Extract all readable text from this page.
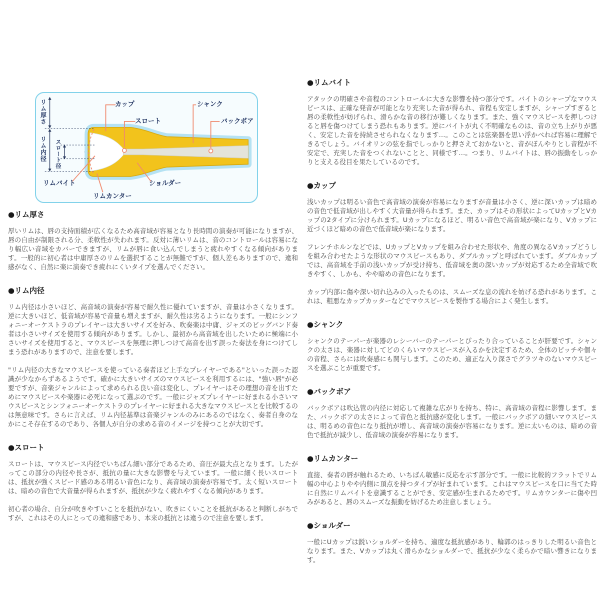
カップ
スロート
シャンク
バックボア
リムバイト	ショルダー
リムカンター
リム厚さ
リム内径 スロート径
●リム厚さ

厚いリムは、唇の支持面積が広くなるため高音域が容易となり長時間の演奏が可能になりますが、唇の自由が制限される分、柔軟性が失われます。反対に薄いリムは、音のコントロールは容易になり幅広い音域をカバーできますが、リムが唇に食い込んでしまうと疲れやすくなる傾向があります。一般的に初心者は中庸厚さのリムを選択することが無難ですが、個人差もありますので、違和感がなく、自然に楽に演奏でき疲れにくいタイプを選んでください。

●リム内径

リム内径は小さいほど、高音域の演奏が容易で耐久性に優れていますが、音量は小さくなります。逆に大きいほど、低音域が容易で音量も増えますが、耐久性は劣るようになります。一般にシンフォニーオーケストラのプレイヤーは大きいサイズを好み、吹奏楽は中庸、ジャズのビッグバンド奏者は小さいサイズを使用する傾向があります。しかし、最初から高音域を出したいために極端に小さいサイズを使用すると、マウスピースを無理に押しつけて高音を出す誤った奏法を身につけてしまう恐れがありますので、注意を要します。

"リム内径の大きなマウスピースを使っている奏者ほど上手なプレイヤーである"といった誤った認識が少なからずあるようです。確かに大きいサイズのマウスピースを利用するには、"強い唇"が必要ですが、音楽ジャンルによって求められる良い音は変化し、プレイヤーはその理想の音を出すためにマウスピースや楽器に必死になって選ぶのです。一般にジャズプレイヤーに好まれる小さいマウスピースとシンフォニーオーケストラのプレイヤーに好まれる大きなマウスピースとを比較するのは無意味です。さらに言えば、リム内径基準は音楽ジャンルのみにあるのではなく、奏者自身のなかにこそ存在するのであり、各個人が自分の求める音のイメージを持つことが大切です。

●スロート

スロートは、マウスピース内径でいちばん細い部分であるため、音圧が最大点となります。したがってこの部分の内径や長さが、抵抗の量に大きな影響を与えています。一般に細く長いスロートは、抵抗が強くスピード感のある明るい音色になり、高音域の演奏が容易です。太く短いスロートは、暗めの音色で大音量が得られますが、抵抗が少なく疲れやすくなる傾向があります。

初心者の場合、自分が吹きやすいことを抵抗がない、吹きにくいことを抵抗があると判断しがちですが、これはその人にとっての違和感であり、本来の抵抗とは違うので注意を要します。

●リムバイト

アタックの明確さや音程のコントロールに大きな影響を持つ部分です。バイトのシャープなマウスピースは、正確な発音が可能となり充実した音が得られ、音程も安定しますが、シャープすぎると唇の柔軟性が妨げられ、滑らかな音の移行が難しくなります。また、強くマウスピースを押しつけると唇を傷つけてしまう恐れもあります。逆にバイトが丸く不明確なものは、音の立ち上がりが悪く、安定した音を持続させられなくなります…。このことは弦楽器を思い浮かべれば容易に理解できるでしょう。バイオリンの弦を指でしっかりと押さえておかないと、音がぼんやりとし音程が不安定で、充実した音をつくれないことと、同様です…。つまり、リムバイトは、唇の振動をしっかりと支える役目を果たしているのです。

●カップ

浅いカップは明るい音色で高音域の演奏が容易になりますが音量は小さく、逆に深いカップは暗めの音色で低音域が出しやすく大音量が得られます。また、カップはその形状によってUカップとVカップの2タイプに分けられます。Uカップになるほど、明るい音色で高音域が楽になり、Vカップに近づくほど暗めの音色で低音域が楽になります。

フレンチホルンなどでは、UカップとVカップを組み合わせた形状や、角度の異なるVカップどうしを組み合わせたような形状のマウスピースもあり、ダブルカップと呼ばれています。ダブルカップでは、高音域を手前の浅いカップが受け持ち、低音域を奥の深いカップが対応するため全音域で吹きやすく、しかも、やや暗めの音色になります。

カップ内部に傷や深い切れ込みの入ったものは、スムーズな息の流れを妨げる恐れがあります。これは、粗悪なカップカッターなどでマウスピースを製作する場合によく発生します。

●シャンク

シャンクのテーパーが楽器のレシーバーのテーパーとぴったり合っていることが肝要です。シャンクの太さは、楽器に対してどのくらいマウスピースが入るかを決定するため、全体のピッチや個々の音程、さらには吹奏感にも関与します。このため、適正な入り深さでグラツキのないマウスピースを選ぶことが重要です。

●バックボア

バックボアは吹込管の内径に対応して複雑な広がりを持ち、特に、高音域の音程に影響します。また、バックボアの太さによって音色と抵抗感が変化します。一般にバックボアの細いマウスピースは、明るめの音色になり抵抗が増し、高音域の演奏が容易になります。逆に太いものは、暗めの音色で抵抗が減少し、低音域の演奏が容易になります。

●リムカンター

直接、奏者の唇が触れるため、いちばん敏感に反応を示す部分です。一般に比較的フラットでリム幅の中心よりやや内側に頂点を持つタイプが好まれています。これはマウスピースを口に当てた時に自然にリムバイトを意識することができ、安定感が生まれるためです。リムカウンターに傷や凹みがあると、唇のスムーズな振動を妨げるため注意しましょう。

●ショルダー

一般にUカップは鋭いショルダーを持ち、適度な抵抗感があり、輪郭のはっきりした明るい音色となります。また、Vカップは丸く滑らかなショルダーで、抵抗が少なく柔らかで暗い響きになります。
